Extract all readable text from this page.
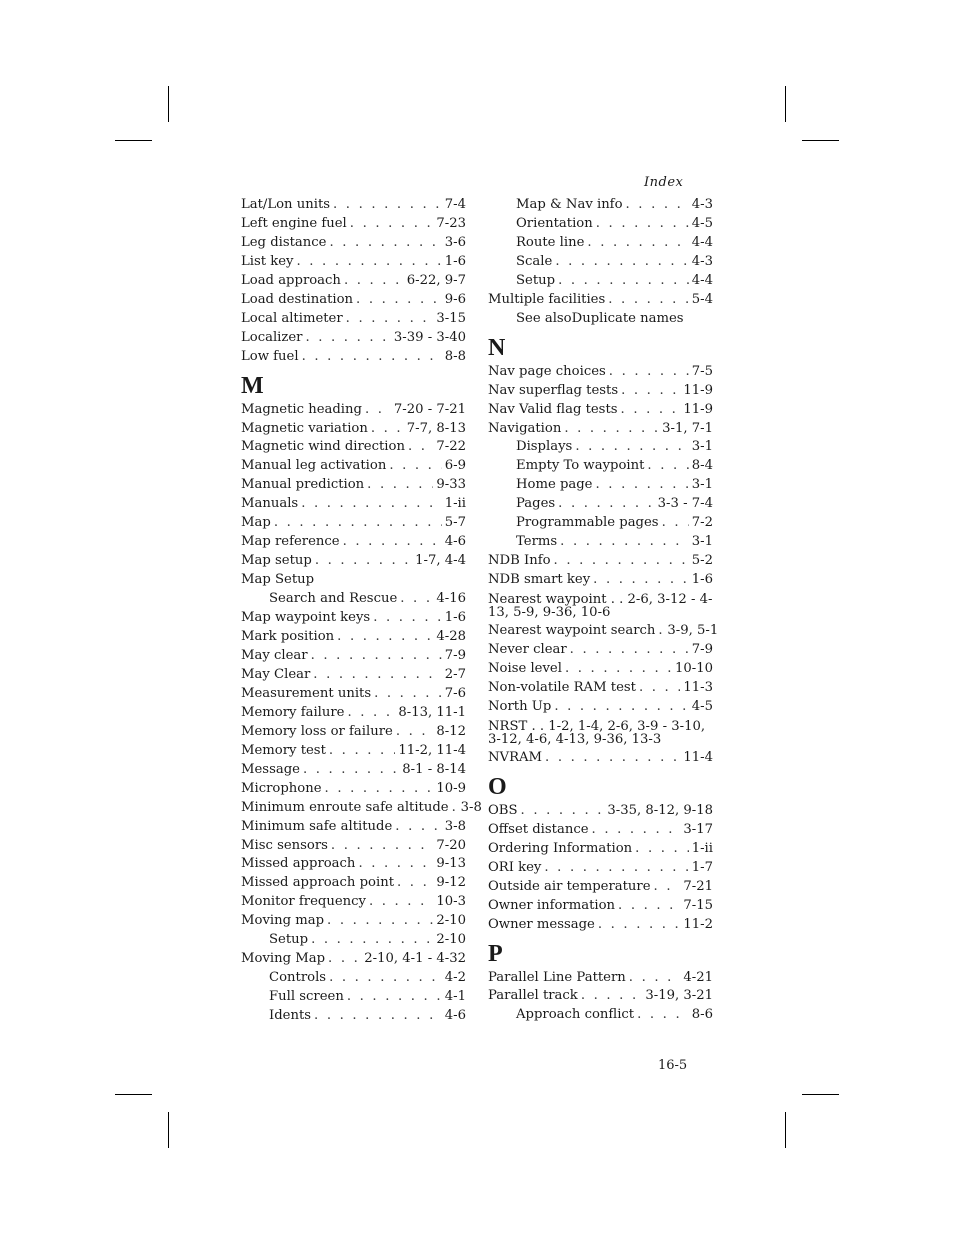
Index
Lat/Lon units . . .	7-4
Left engine fuel . . .	7-23
Leg distance . . .	3-6
List key . . .	1-6
Load approach . . .	6-22, 9-7
Load destination . . .	9-6
Local altimeter . . .	3-15
Localizer . . .	3-39 - 3-40
Low fuel . . .	8-8
M
Magnetic heading . . . 7-20 - 7-21
Magnetic variation . . .	7-7, 8-13
Magnetic wind direction . . . 7-22
Manual leg activation . . .	6-9
Manual prediction . . .	9-33
Manuals . . .	1-ii
Map . . .	5-7
Map reference . . .	4-6
Map setup . . .	1-7, 4-4
Map Setup
Search and Rescue . . .	4-16
Map waypoint keys . . .	1-6
Mark position . . .	4-28
May clear . . .	7-9
May Clear . . .	2-7
Measurement units . . .	7-6
Memory failure . . .	8-13, 11-1
Memory loss or failure . . .	8-12
Memory test . . .	11-2, 11-4
Message . . .	8-1 - 8-14
Microphone . . .	10-9
Minimum enroute safe altitude . . . 3-8
Minimum safe altitude . . .	3-8
Misc sensors . . .	7-20
Missed approach . . .	9-13
Missed approach point . . .	9-12
Monitor frequency . . .	10-3
Moving map . . .	2-10
Setup . . .	2-10
Moving Map . . .	2-10, 4-1 - 4-32
Controls . . .	4-2
Full screen . . .	4-1
Idents . . .	4-6
Map & Nav info . . .	4-3
Orientation . . .	4-5
Route line . . .	4-4
Scale . . .	4-3
Setup . . .	4-4
Multiple facilities . . .	5-4
See alsoDuplicate names
N
Nav page choices . . .	7-5
Nav superflag tests . . .	11-9
Nav Valid flag tests . . .	11-9
Navigation . . .	3-1, 7-1
Displays . . .	3-1
Empty To waypoint . . .	8-4
Home page . . .	3-1
Pages . . .	3-3 - 7-4
Programmable pages . . .	7-2
Terms . . .	3-1
NDB Info . . .	5-2
NDB smart key . . .	1-6
Nearest waypoint . . 2-6, 3-12 - 4-13, 5-9, 9-36, 10-6
Nearest waypoint search . . . 3-9, 5-1
Never clear . . .	7-9
Noise level . . .	10-10
Non-volatile RAM test . . .	11-3
North Up . . .	4-5
NRST . . 1-2, 1-4, 2-6, 3-9 - 3-10, 3-12, 4-6, 4-13, 9-36, 13-3
NVRAM . . .	11-4
O
OBS . . .	3-35, 8-12, 9-18
Offset distance . . .	3-17
Ordering Information . . .	1-ii
ORI key . . .	1-7
Outside air temperature . . . 7-21
Owner information . . .	7-15
Owner message . . .	11-2
P
Parallel Line Pattern . . .	4-21
Parallel track . . .	3-19, 3-21
Approach conflict . . .	8-6
16-5
